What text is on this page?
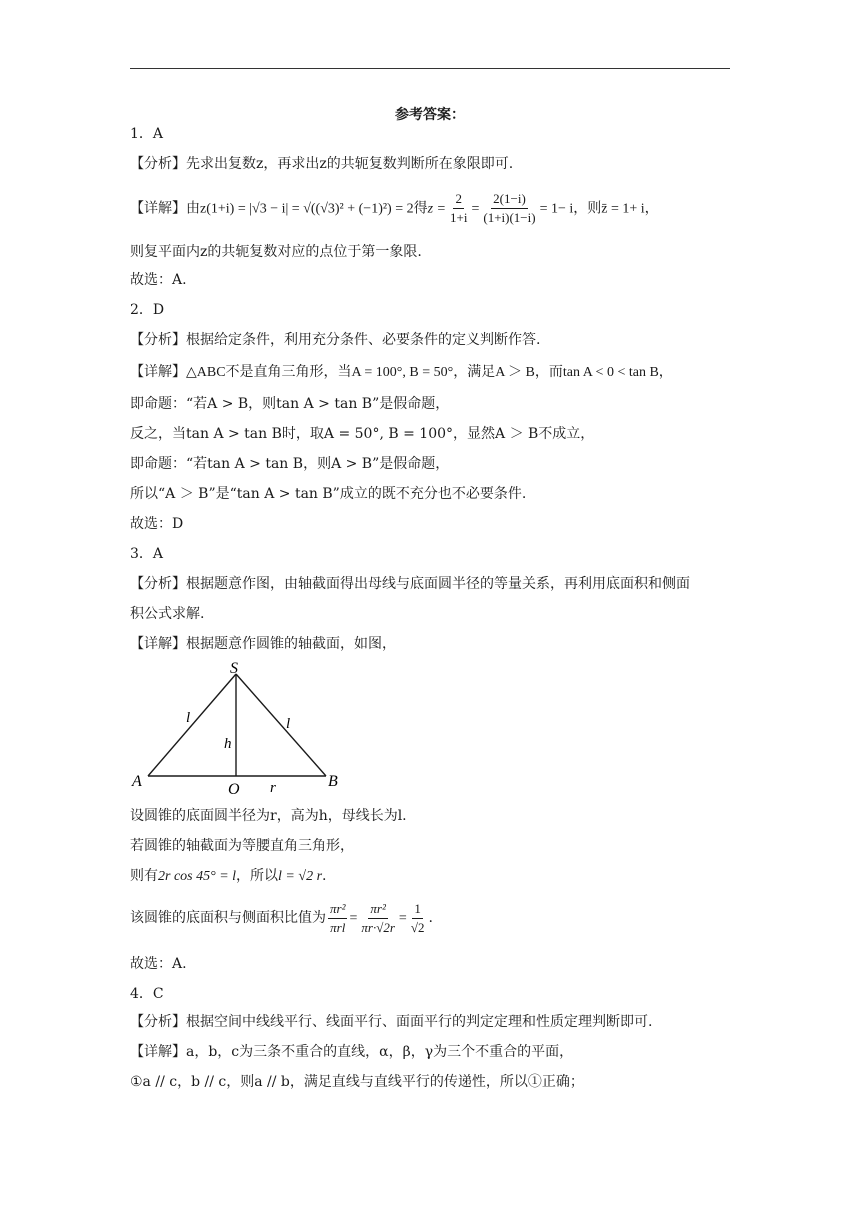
参考答案：
1．A
【分析】先求出复数z，再求出z的共轭复数判断所在象限即可.
【详解】由z(1+i) = |√3 − i| = √((√3)² + (−1)²) = 2得$z = \frac{2}{1+i} = \frac{2(1-i)}{(1+i)(1-i)} = 1- i$，则z̄ = 1+ i，
则复平面内z的共轭复数对应的点位于第一象限.
故选：A.
2．D
【分析】根据给定条件，利用充分条件、必要条件的定义判断作答.
【详解】△ABC不是直角三角形，当A = 100°, B = 50°，满足A ＞ B，而tan A < 0 < tan B，
即命题：“若A > B，则tan A > tan B”是假命题，
反之，当tan A > tan B时，取A = 50°, B = 100°，显然A ＞ B不成立，
即命题：“若tan A > tan B，则A > B”是假命题，
所以“A ＞ B”是“tan A > tan B”成立的既不充分也不必要条件.
故选：D
3．A
【分析】根据题意作图，由轴截面得出母线与底面圆半径的等量关系，再利用底面积和侧面
积公式求解.
【详解】根据题意作圆锥的轴截面，如图，
S
A	B
O
l	l
h
r
设圆锥的底面圆半径为r，高为h，母线长为l.
若圆锥的轴截面为等腰直角三角形，
则有2r cos 45° = l，所以l = √2 r.
该圆锥的底面积与侧面积比值为 $\frac{\text{πr²}}{\text{πrl}} = \frac{\text{πr²}}{\pi r\cdot√2r} = \frac{1}{√2}$ .
故选：A.
4．C
【分析】根据空间中线线平行、线面平行、面面平行的判定定理和性质定理判断即可.
【详解】a，b，c为三条不重合的直线，α，β，γ为三个不重合的平面，
①a // c，b // c，则a // b，满足直线与直线平行的传递性，所以①正确；
